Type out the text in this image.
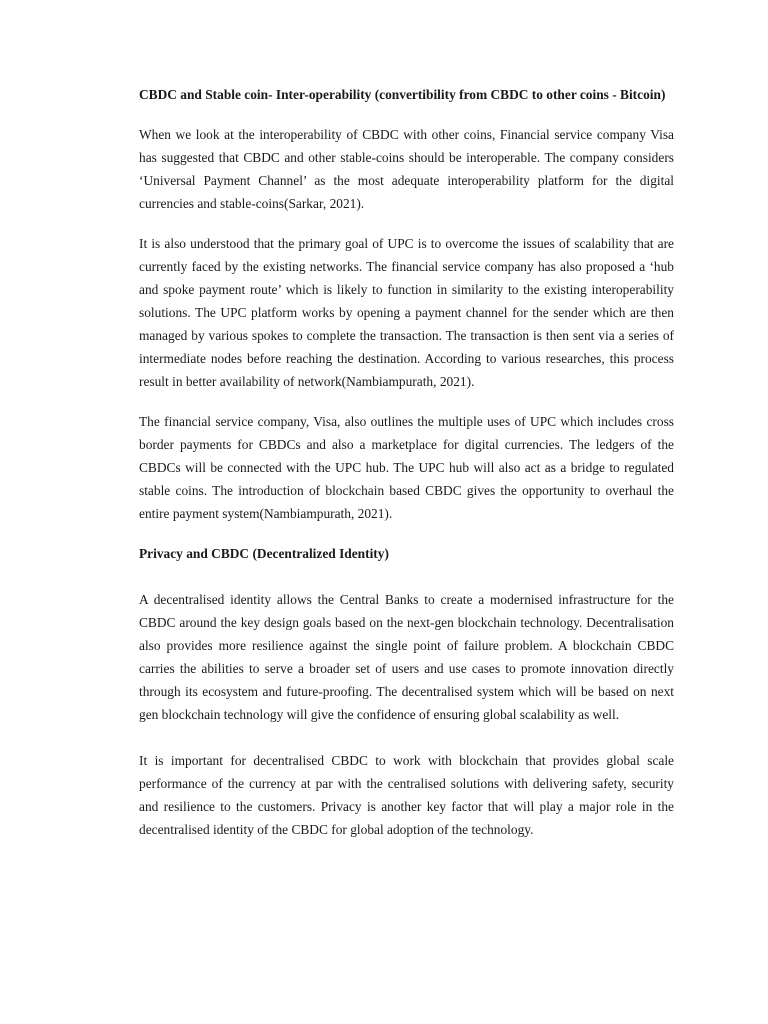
CBDC and Stable coin- Inter-operability (convertibility from CBDC to other coins - Bitcoin)

When we look at the interoperability of CBDC with other coins, Financial service company Visa has suggested that CBDC and other stable-coins should be interoperable. The company considers ‘Universal Payment Channel’ as the most adequate interoperability platform for the digital currencies and stable-coins(Sarkar, 2021).

It is also understood that the primary goal of UPC is to overcome the issues of scalability that are currently faced by the existing networks. The financial service company has also proposed a ‘hub and spoke payment route’ which is likely to function in similarity to the existing interoperability solutions. The UPC platform works by opening a payment channel for the sender which are then managed by various spokes to complete the transaction. The transaction is then sent via a series of intermediate nodes before reaching the destination. According to various researches, this process result in better availability of network(Nambiampurath, 2021).

The financial service company, Visa, also outlines the multiple uses of UPC which includes cross border payments for CBDCs and also a marketplace for digital currencies. The ledgers of the CBDCs will be connected with the UPC hub. The UPC hub will also act as a bridge to regulated stable coins. The introduction of blockchain based CBDC gives the opportunity to overhaul the entire payment system(Nambiampurath, 2021).

Privacy and CBDC (Decentralized Identity)

A decentralised identity allows the Central Banks to create a modernised infrastructure for the CBDC around the key design goals based on the next-gen blockchain technology. Decentralisation also provides more resilience against the single point of failure problem. A blockchain CBDC carries the abilities to serve a broader set of users and use cases to promote innovation directly through its ecosystem and future-proofing. The decentralised system which will be based on next gen blockchain technology will give the confidence of ensuring global scalability as well.

It is important for decentralised CBDC to work with blockchain that provides global scale performance of the currency at par with the centralised solutions with delivering safety, security and resilience to the customers. Privacy is another key factor that will play a major role in the decentralised identity of the CBDC for global adoption of the technology.
